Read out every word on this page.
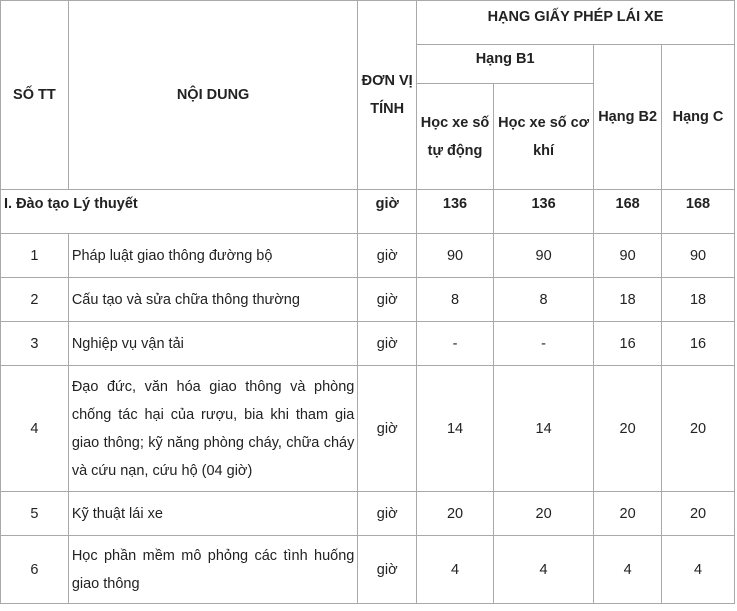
SỐ TT	NỘI DUNG	ĐƠN VỊ TÍNH	HẠNG GIẤY PHÉP LÁI XE			
			Hạng B1		Hạng B2	Hạng C
			Học xe số tự động	Học xe số cơ khí		
I. Đào tạo Lý thuyết		giờ	136	136	168	168
1	Pháp luật giao thông đường bộ	giờ	90	90	90	90
2	Cấu tạo và sửa chữa thông thường	giờ	8	8	18	18
3	Nghiệp vụ vận tải	giờ	-	-	16	16
4	Đạo đức, văn hóa giao thông và phòng chống tác hại của rượu, bia khi tham gia giao thông; kỹ năng phòng cháy, chữa cháy và cứu nạn, cứu hộ (04 giờ)	giờ	14	14	20	20
5	Kỹ thuật lái xe	giờ	20	20	20	20
6	Học phần mềm mô phỏng các tình huống giao thông	giờ	4	4	4	4
